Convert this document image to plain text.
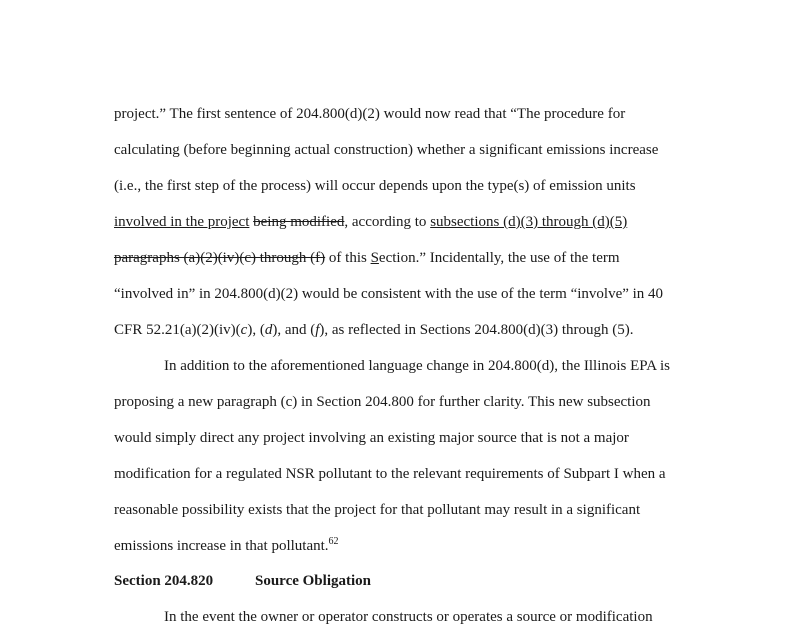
project.” The first sentence of 204.800(d)(2) would now read that “The procedure for
calculating (before beginning actual construction) whether a significant emissions increase
(i.e., the first step of the process) will occur depends upon the type(s) of emission units
involved in the project being modified, according to subsections (d)(3) through (d)(5)
paragraphs (a)(2)(iv)(c) through (f) of this Section.” Incidentally, the use of the term
“involved in” in 204.800(d)(2) would be consistent with the use of the term “involve” in 40
CFR 52.21(a)(2)(iv)(c), (d), and (f), as reflected in Sections 204.800(d)(3) through (5).
In addition to the aforementioned language change in 204.800(d), the Illinois EPA is
proposing a new paragraph (c) in Section 204.800 for further clarity. This new subsection
would simply direct any project involving an existing major source that is not a major
modification for a regulated NSR pollutant to the relevant requirements of Subpart I when a
reasonable possibility exists that the project for that pollutant may result in a significant
emissions increase in that pollutant.$^{62}$
Section 204.820	Source Obligation
In the event the owner or operator constructs or operates a source or modification
